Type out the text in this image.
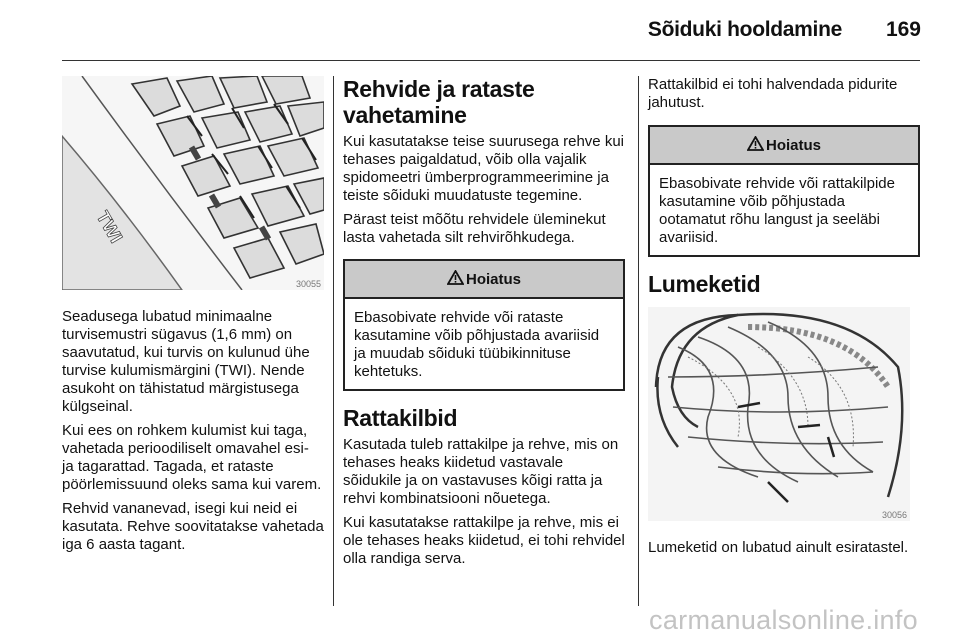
Sõiduki hooldamine 169
TWI
30055

Seadusega lubatud minimaalne turvisemustri sügavus (1,6 mm) on saavutatud, kui turvis on kulunud ühe turvise kulumismärgini (TWI). Nende asukoht on tähistatud märgistusega külgseinal.

Kui ees on rohkem kulumist kui taga, vahetada perioodiliselt omavahel esi- ja tagarattad. Tagada, et rataste pöörlemissuund oleks sama kui varem.

Rehvid vananevad, isegi kui neid ei kasutata. Rehve soovitatakse vahetada iga 6 aasta tagant.

Rehvide ja rataste vahetamine

Kui kasutatakse teise suurusega rehve kui tehases paigaldatud, võib olla vajalik spidomeetri ümberprogrammeerimine ja teiste sõiduki muudatuste tegemine.

Pärast teist mõõtu rehvidele üleminekut lasta vahetada silt rehvirõhkudega.

Hoiatus

Ebasobivate rehvide või rataste kasutamine võib põhjustada avariisid ja muudab sõiduki tüübikinnituse kehtetuks.

Rattakilbid

Kasutada tuleb rattakilpe ja rehve, mis on tehases heaks kiidetud vastavale sõidukile ja on vastavuses kõigi ratta ja rehvi kombinatsiooni nõuetega.

Kui kasutatakse rattakilpe ja rehve, mis ei ole tehases heaks kiidetud, ei tohi rehvidel olla randiga serva.

Rattakilbid ei tohi halvendada pidurite jahutust.

Hoiatus

Ebasobivate rehvide või rattakilpide kasutamine võib põhjustada ootamatut rõhu langust ja seeläbi avariisid.

Lumeketid
30056

Lumeketid on lubatud ainult esiratastel.

carmanualsonline.info
